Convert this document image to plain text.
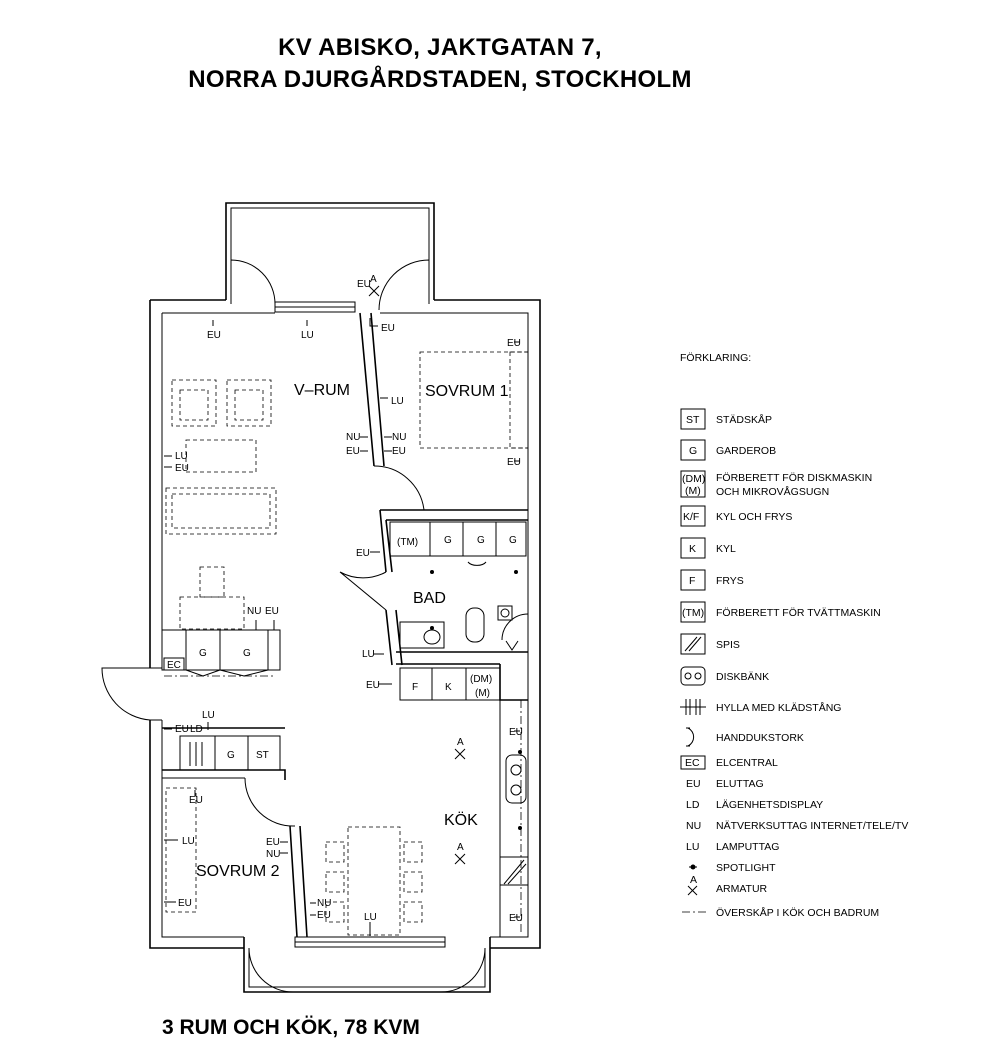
KV ABISKO, JAKTGATAN 7,
NORRA DJURGÅRDSTADEN, STOCKHOLM
EC
G	G
(TM)	G	G G
F	K
(DM)
(M)
G ST
V–RUM	SOVRUM 1
BAD
KÖK
SOVRUM 2
EU	LU
EU
EU
EU
LU
NU	NU
EU	EU
EU
LU
EU
EU
NU EU
LU
EU
LU
EU LD	EU
EU
LU	EU
NU
EU	NU
EU	LU	EU
A
A
A
FÖRKLARING:
ST STÄDSKÅP
G GARDEROB
(DM)
(M)
FÖRBERETT FÖR DISKMASKIN
OCH MIKROVÅGSUGN
K/F KYL OCH FRYS
K KYL
F FRYS
(TM) FÖRBERETT FÖR TVÄTTMASKIN
SPIS
DISKBÄNK
HYLLA MED KLÄDSTÅNG
HANDDUKSTORK
EC ELCENTRAL
EU ELUTTAG
LD LÄGENHETSDISPLAY
NU NÄTVERKSUTTAG INTERNET/TELE/TV
LU LAMPUTTAG
SPOTLIGHT
A
ARMATUR
ÖVERSKÅP I KÖK OCH BADRUM
3 RUM OCH KÖK, 78 KVM
